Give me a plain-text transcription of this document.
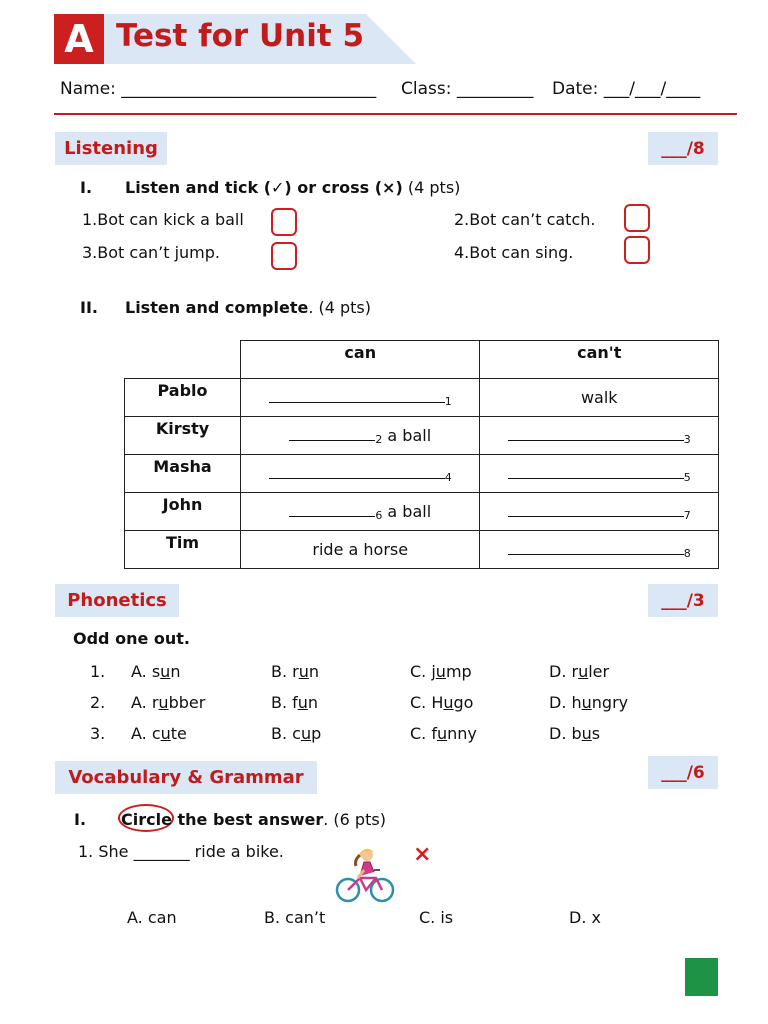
A Test for Unit 5
Name: ______________________________ Class: _________ Date: ___/___/____
Listening	___/8
I. Listen and tick (✓) or cross (×) (4 pts)
1.Bot can kick a ball	2.Bot can’t catch.
3.Bot can’t jump.	4.Bot can sing.
II. Listen and complete. (4 pts)
	can	can't
Pablo	$_1$	walk
Kirsty	$_2$ a ball	$_3$
Masha	$_4$	$_5$
John	$_6$ a ball	$_7$
Tim	ride a horse	$_8$
Phonetics	___/3
Odd one out.
1. A. sun	B. run	C. jump	D. ruler
2. A. rubber	B. fun	C. Hugo	D. hungry
3. A. cute	B. cup	C. funny	D. bus
Vocabulary & Grammar	___/6
I. Circle the best answer. (6 pts)
1. She _______ ride a bike.	×
A. can	B. can’t	C. is	D. x
